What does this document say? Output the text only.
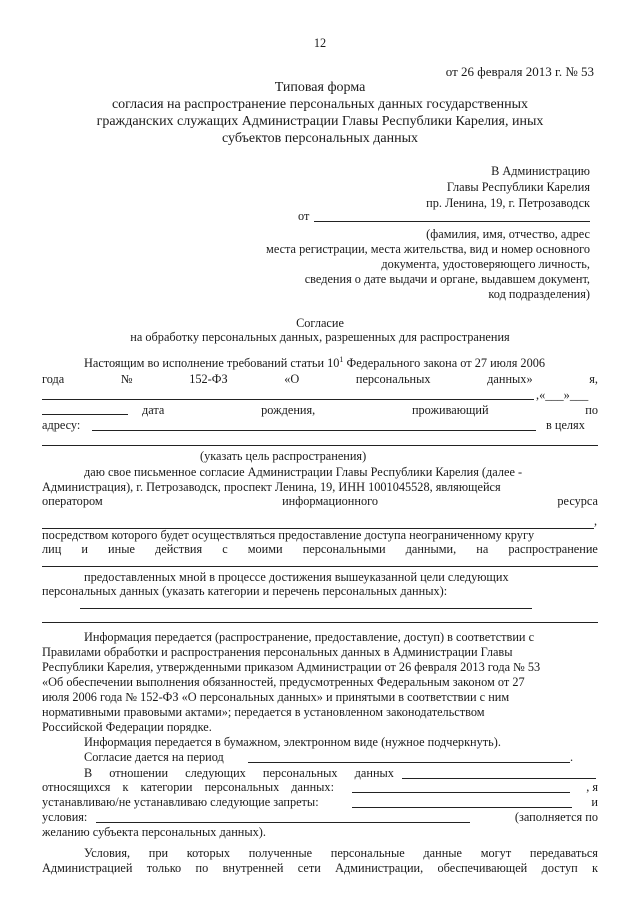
12
от 26 февраля 2013 г. № 53
Типовая форма
согласия на распространение персональных данных государственных
гражданских служащих Администрации Главы Республики Карелия, иных
субъектов персональных данных
В Администрацию
Главы Республики Карелия
пр. Ленина, 19, г. Петрозаводск
от
(фамилия, имя, отчество, адрес
места регистрации, места жительства, вид и номер основного
документа, удостоверяющего личность,
сведения о дате выдачи и органе, выдавшем документ,
код подразделения)
Согласие
на обработку персональных данных, разрешенных для распространения
Настоящим во исполнение требований статьи $10^1$ Федерального закона от 27 июля 2006
года	№	152-ФЗ	«О	персональных	данных»	я,
,«___»___
дата	рождения,	проживающий	по
адресу:	в целях
(указать цель распространения)
даю свое письменное согласие Администрации Главы Республики Карелия (далее -
Администрация), г. Петрозаводск, проспект Ленина, 19, ИНН 1001045528, являющейся
оператором	информационного	ресурса
,
посредством которого будет осуществляться предоставление доступа неограниченному кругу
лиц и иные действия с моими персональными данными, на распространение
предоставленных мной в процессе достижения вышеуказанной цели следующих
персональных данных (указать категории и перечень персональных данных):
Информация передается (распространение, предоставление, доступ) в соответствии с
Правилами обработки и распространения персональных данных в Администрации Главы
Республики Карелия, утвержденными приказом Администрации от 26 февраля 2013 года № 53
«Об обеспечении выполнения обязанностей, предусмотренных Федеральным законом от 27
июля 2006 года № 152-ФЗ «О персональных данных» и принятыми в соответствии с ним
нормативными правовыми актами»; передается в установленном законодательством
Российской Федерации порядке.
Информация передается в бумажном, электронном виде (нужное подчеркнуть).
Согласие дается на период	.
В отношении следующих персональных данных
относящихся к категории персональных данных:	, я
устанавливаю/не устанавливаю следующие запреты:	и
условия:	(заполняется по
желанию субъекта персональных данных).
Условия, при которых полученные персональные данные могут передаваться
Администрацией только по внутренней сети Администрации, обеспечивающей доступ к
